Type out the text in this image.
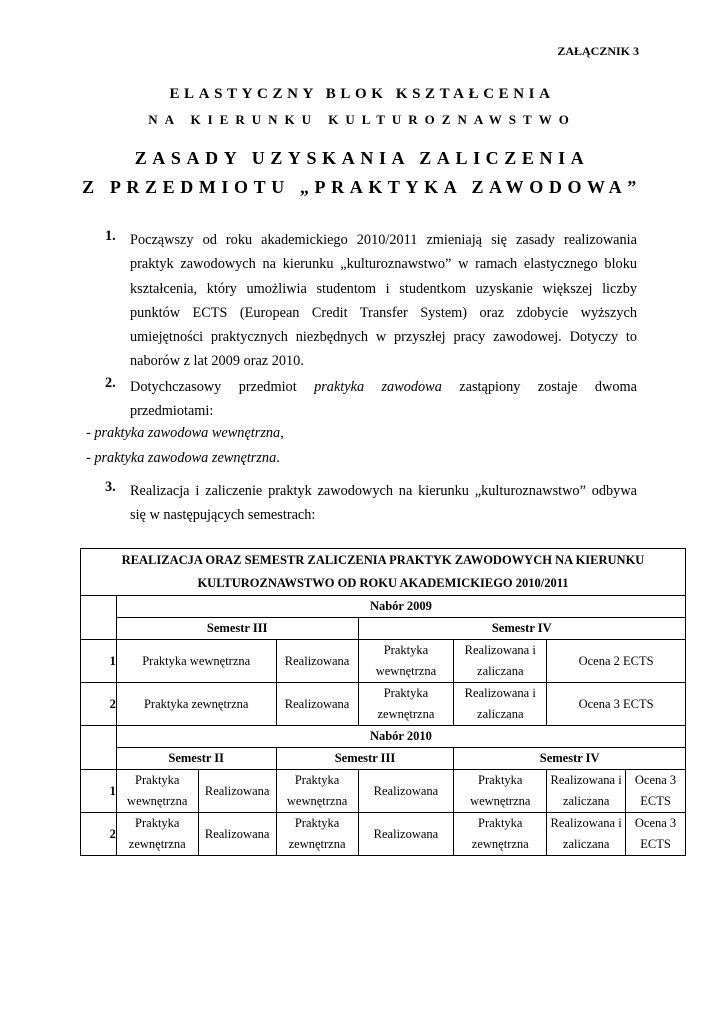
ZAŁĄCZNIK 3
ELASTYCZNY BLOK KSZTAŁCENIA
NA KIERUNKU KULTUROZNAWSTWO
ZASADY UZYSKANIA ZALICZENIA
Z PRZEDMIOTU „PRAKTYKA ZAWODOWA”
1. Począwszy od roku akademickiego 2010/2011 zmieniają się zasady realizowania praktyk zawodowych na kierunku „kulturoznawstwo” w ramach elastycznego bloku kształcenia, który umożliwia studentom i studentkom uzyskanie większej liczby punktów ECTS (European Credit Transfer System) oraz zdobycie wyższych umiejętności praktycznych niezbędnych w przyszłej pracy zawodowej. Dotyczy to naborów z lat 2009 oraz 2010.
2. Dotychczasowy przedmiot praktyka zawodowa zastąpiony zostaje dwoma przedmiotami:
- praktyka zawodowa wewnętrzna,
- praktyka zawodowa zewnętrzna.
3. Realizacja i zaliczenie praktyk zawodowych na kierunku „kulturoznawstwo” odbywa się w następujących semestrach:
REALIZACJA ORAZ SEMESTR ZALICZENIA PRAKTYK ZAWODOWYCH NA KIERUNKU KULTUROZNAWSTWO OD ROKU AKADEMICKIEGO 2010/2011							
	Nabór 2009						
	Semestr III			Semestr IV			
1	Praktyka wewnętrzna		Realizowana	Praktyka wewnętrzna	Realizowana i zaliczana	Ocena 2 ECTS	
2	Praktyka zewnętrzna		Realizowana	Praktyka zewnętrzna	Realizowana i zaliczana	Ocena 3 ECTS	
	Nabór 2010						
	Semestr II		Semestr III		Semestr IV		
1	Praktyka wewnętrzna	Realizowana	Praktyka wewnętrzna	Realizowana	Praktyka wewnętrzna	Realizowana i zaliczana	Ocena 3 ECTS
2	Praktyka zewnętrzna	Realizowana	Praktyka zewnętrzna	Realizowana	Praktyka zewnętrzna	Realizowana i zaliczana	Ocena 3 ECTS
